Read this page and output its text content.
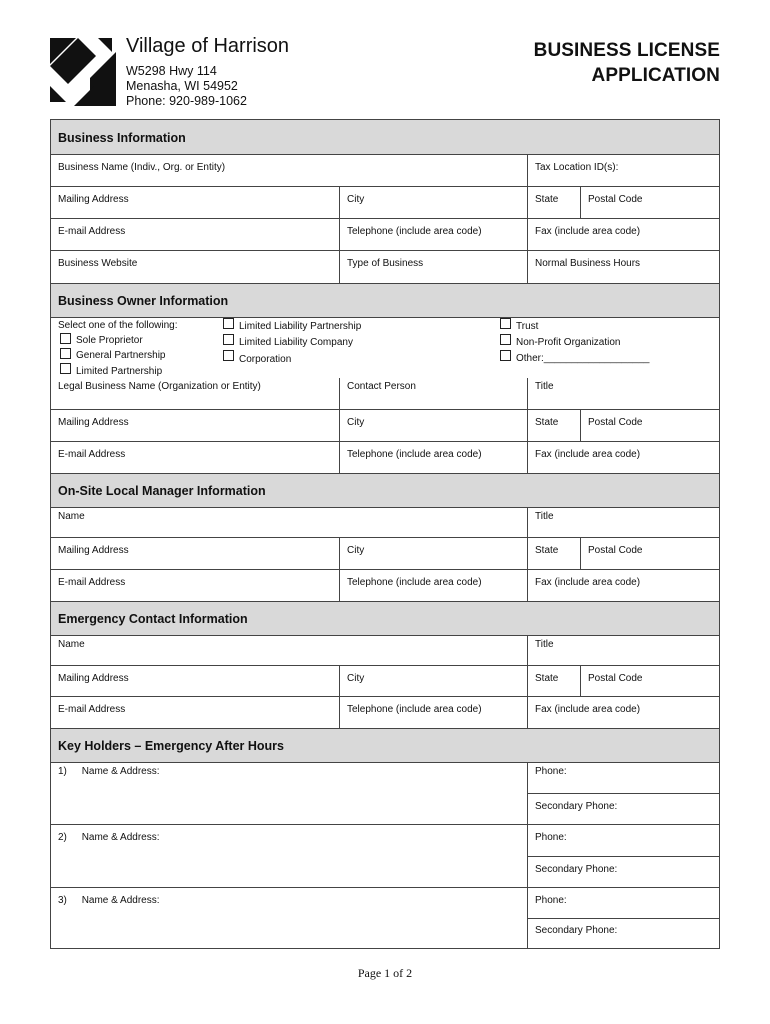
Village of Harrison
W5298 Hwy 114
Menasha, WI 54952
Phone: 920-989-1062
BUSINESS LICENSE
APPLICATION
Business Information
Business Name (Indiv., Org. or Entity)	Tax Location ID(s):
Mailing Address	City	State	Postal Code
E-mail Address	Telephone (include area code)	Fax (include area code)
Business Website	Type of Business	Normal Business Hours
Business Owner Information
Select one of the following:
Sole Proprietor
General Partnership
Limited Partnership
Limited Liability Partnership
Limited Liability Company
Corporation
Trust
Non-Profit Organization
Other:___________________
Legal Business Name (Organization or Entity)	Contact Person	Title
Mailing Address	City	State	Postal Code
E-mail Address	Telephone (include area code)	Fax (include area code)
On-Site Local Manager Information
Name	Title
Mailing Address	City	State	Postal Code
E-mail Address	Telephone (include area code)	Fax (include area code)
Emergency Contact Information
Name	Title
Mailing Address	City	State	Postal Code
E-mail Address	Telephone (include area code)	Fax (include area code)
Key Holders – Emergency After Hours
1) Name & Address:	Phone:
Secondary Phone:
2) Name & Address:	Phone:
Secondary Phone:
3) Name & Address:	Phone:
Secondary Phone:
Page 1 of 2
